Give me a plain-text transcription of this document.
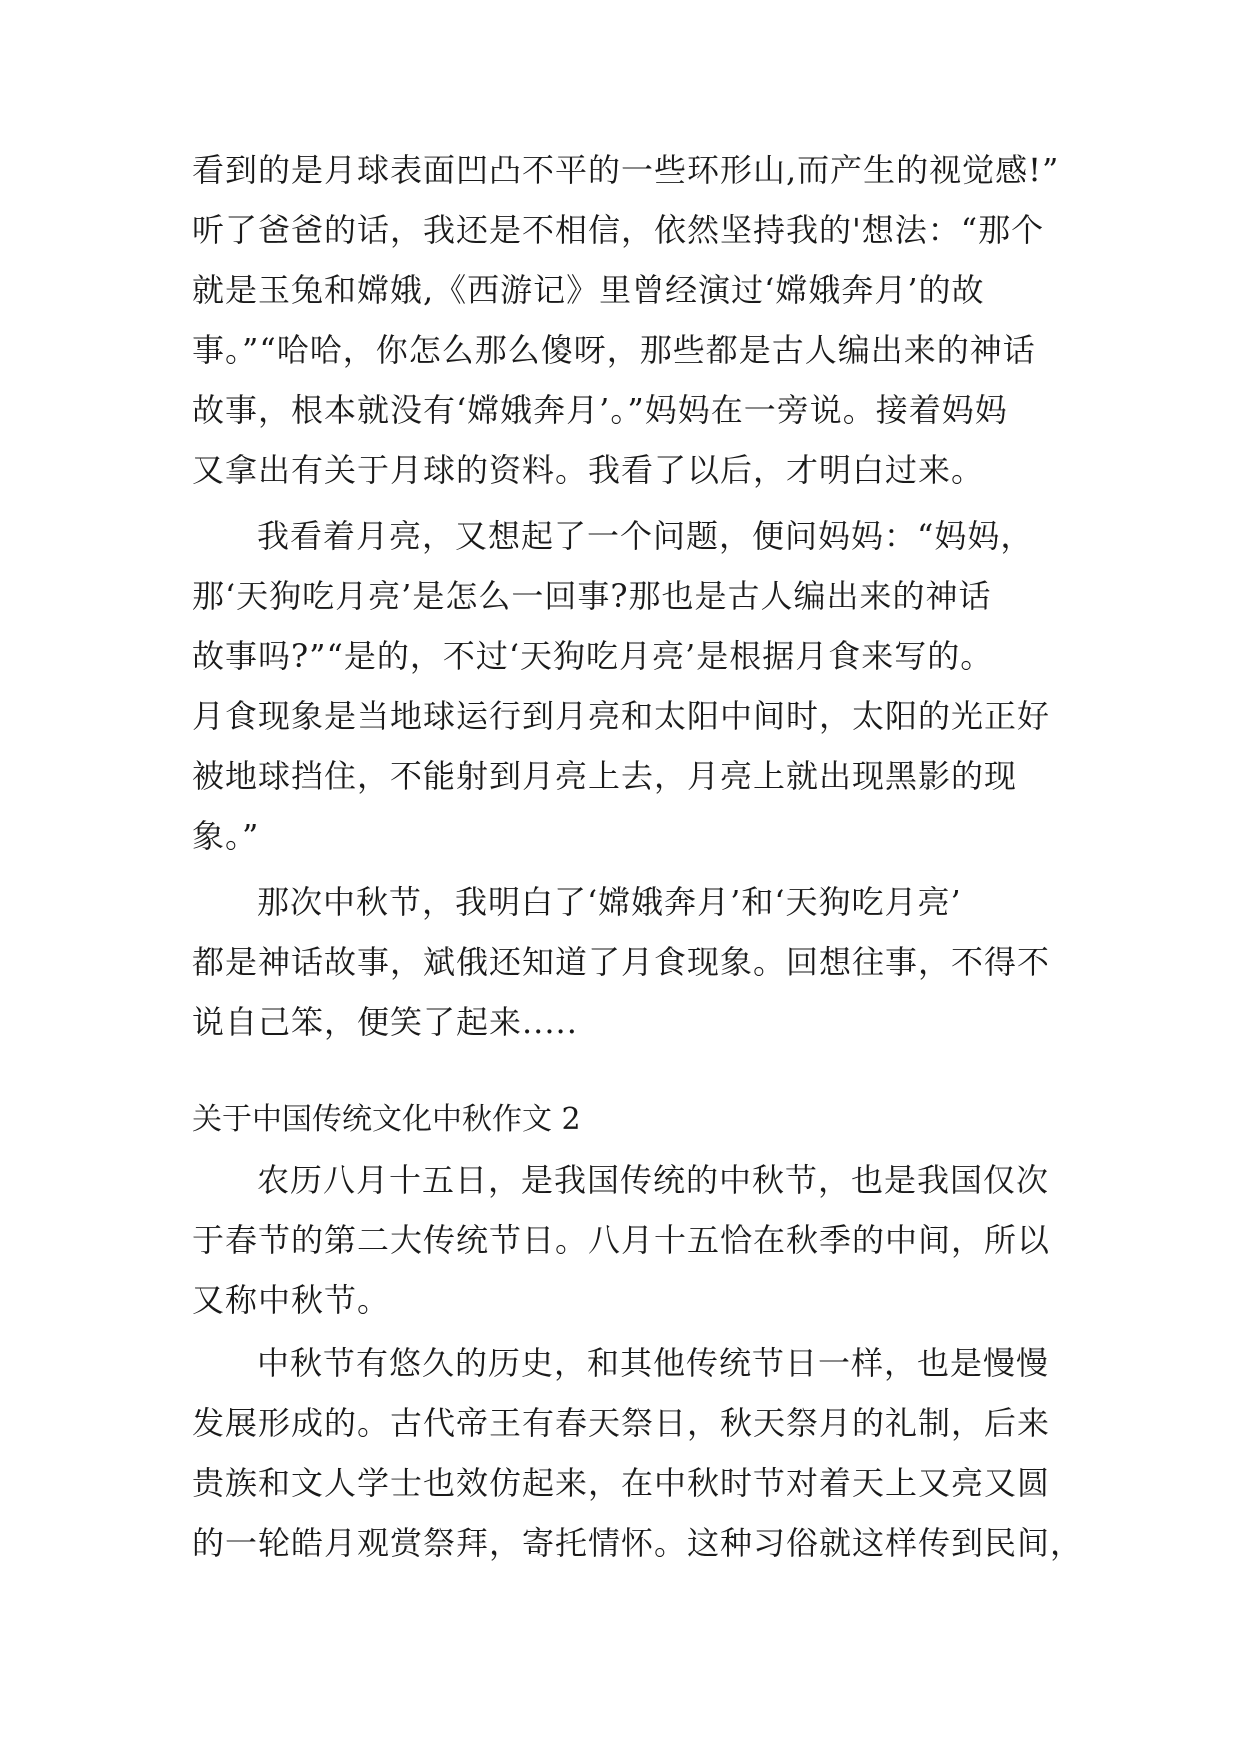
看到的是月球表面凹凸不平的一些环形山,而产生的视觉感!”
听了爸爸的话，我还是不相信，依然坚持我的'想法：“那个
就是玉兔和嫦娥,《西游记》里曾经演过‘嫦娥奔月’的故
事。”“哈哈，你怎么那么傻呀，那些都是古人编出来的神话
故事，根本就没有‘嫦娥奔月’。”妈妈在一旁说。接着妈妈
又拿出有关于月球的资料。我看了以后，才明白过来。
我看着月亮，又想起了一个问题，便问妈妈：“妈妈，
那‘天狗吃月亮’是怎么一回事?那也是古人编出来的神话
故事吗?”“是的，不过‘天狗吃月亮’是根据月食来写的。
月食现象是当地球运行到月亮和太阳中间时，太阳的光正好
被地球挡住，不能射到月亮上去，月亮上就出现黑影的现
象。”
那次中秋节，我明白了‘嫦娥奔月’和‘天狗吃月亮’
都是神话故事，斌俄还知道了月食现象。回想往事，不得不
说自己笨，便笑了起来.....
关于中国传统文化中秋作文 2
农历八月十五日，是我国传统的中秋节，也是我国仅次
于春节的第二大传统节日。八月十五恰在秋季的中间，所以
又称中秋节。
中秋节有悠久的历史，和其他传统节日一样，也是慢慢
发展形成的。古代帝王有春天祭日，秋天祭月的礼制，后来
贵族和文人学士也效仿起来，在中秋时节对着天上又亮又圆
的一轮皓月观赏祭拜，寄托情怀。这种习俗就这样传到民间，
